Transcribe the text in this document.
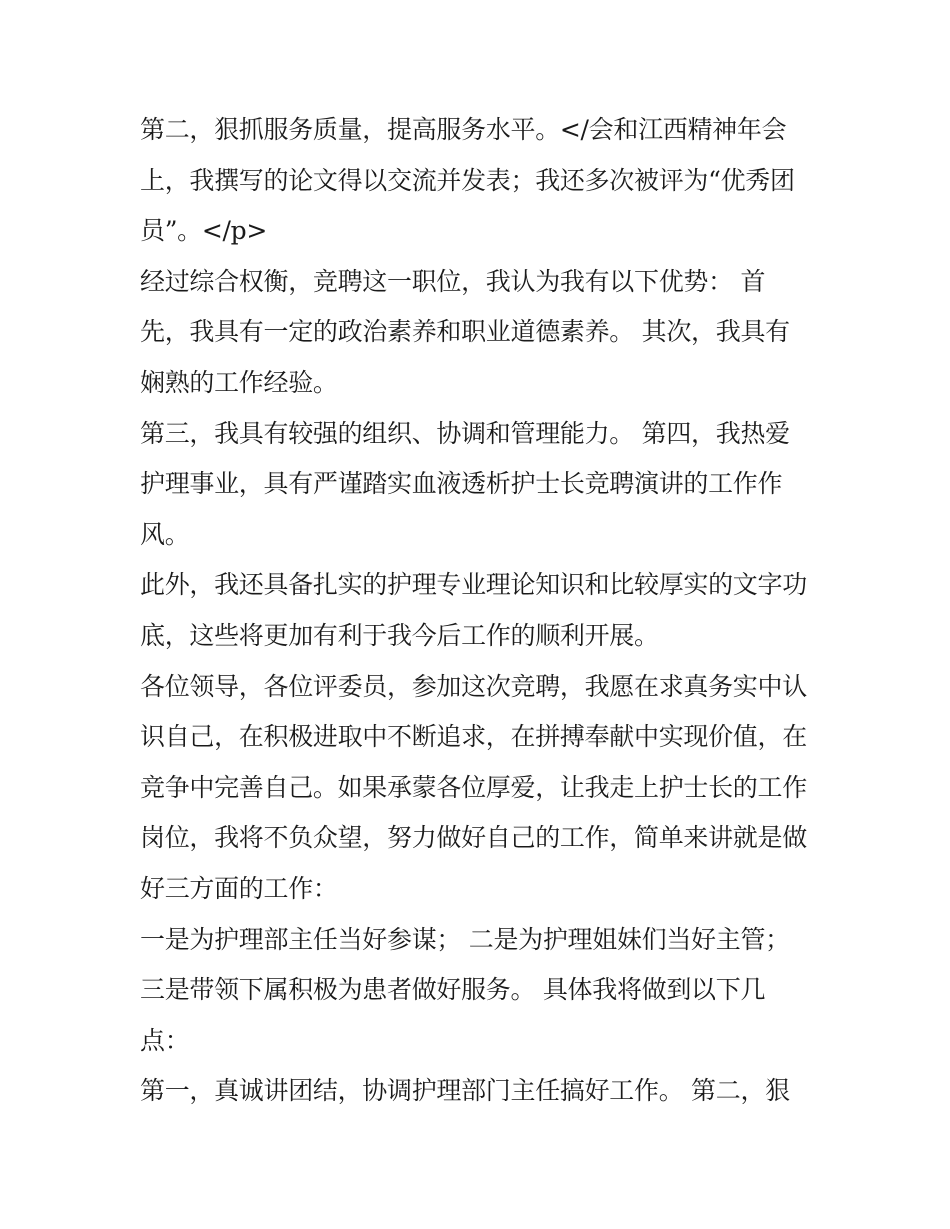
第二，狠抓服务质量，提高服务水平。</会和江西精神年会
上，我撰写的论文得以交流并发表；我还多次被评为“优秀团
员”。</p>
经过综合权衡，竞聘这一职位，我认为我有以下优势： 首
先，我具有一定的政治素养和职业道德素养。 其次，我具有
娴熟的工作经验。
第三，我具有较强的组织、协调和管理能力。 第四，我热爱
护理事业，具有严谨踏实血液透析护士长竞聘演讲的工作作
风。
此外，我还具备扎实的护理专业理论知识和比较厚实的文字功
底，这些将更加有利于我今后工作的顺利开展。
各位领导，各位评委员，参加这次竞聘，我愿在求真务实中认
识自己，在积极进取中不断追求，在拼搏奉献中实现价值，在
竞争中完善自己。如果承蒙各位厚爱，让我走上护士长的工作
岗位，我将不负众望，努力做好自己的工作，简单来讲就是做
好三方面的工作：
一是为护理部主任当好参谋； 二是为护理姐妹们当好主管；
三是带领下属积极为患者做好服务。 具体我将做到以下几
点：
第一，真诚讲团结，协调护理部门主任搞好工作。 第二，狠
